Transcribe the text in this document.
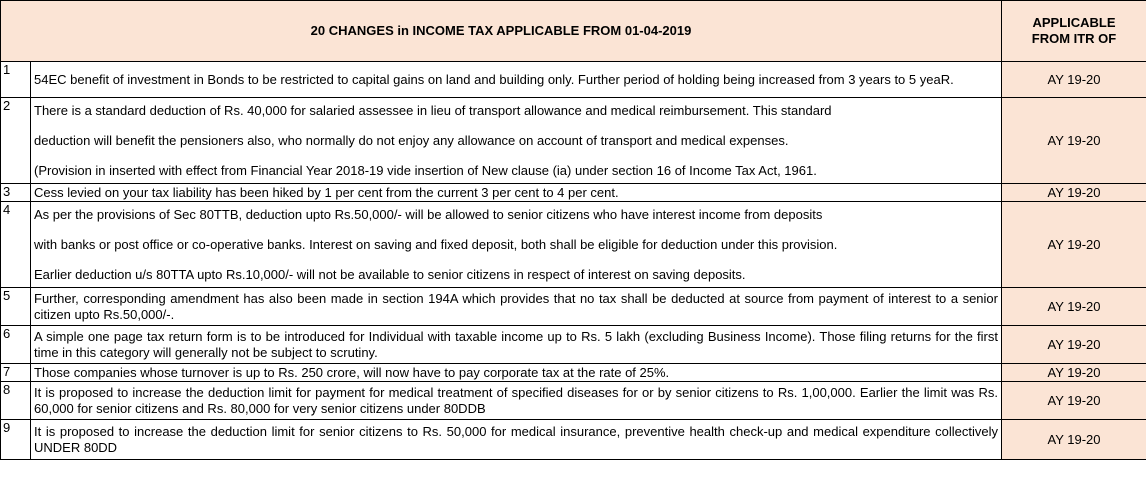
20 CHANGES in INCOME TAX APPLICABLE FROM 01-04-2019		APPLICABLE
FROM ITR OF
1	54EC benefit of investment in Bonds to be restricted to capital gains on land and building only. Further period of holding being increased from 3 years to 5 yeaR.	AY 19-20
2	There is a standard deduction of Rs. 40,000 for salaried assessee in lieu of transport allowance and medical reimbursement. This standard
deduction will benefit the pensioners also, who normally do not enjoy any allowance on account of transport and medical expenses.
(Provision in inserted with effect from Financial Year 2018-19 vide insertion of New clause (ia) under section 16 of Income Tax Act, 1961.	AY 19-20
3	Cess levied on your tax liability has been hiked by 1 per cent from the current 3 per cent to 4 per cent.	AY 19-20
4	As per the provisions of Sec 80TTB, deduction upto Rs.50,000/- will be allowed to senior citizens who have interest income from deposits
with banks or post office or co-operative banks. Interest on saving and fixed deposit, both shall be eligible for deduction under this provision.
Earlier deduction u/s 80TTA upto Rs.10,000/- will not be available to senior citizens in respect of interest on saving deposits.	AY 19-20
5	Further, corresponding amendment has also been made in section 194A which provides that no tax shall be deducted at source from payment of interest to a senior citizen upto Rs.50,000/-.	AY 19-20
6	A simple one page tax return form is to be introduced for Individual with taxable income up to Rs. 5 lakh (excluding Business Income). Those filing returns for the first time in this category will generally not be subject to scrutiny.	AY 19-20
7	Those companies whose turnover is up to Rs. 250 crore, will now have to pay corporate tax at the rate of 25%.	AY 19-20
8	It is proposed to increase the deduction limit for payment for medical treatment of specified diseases for or by senior citizens to Rs. 1,00,000. Earlier the limit was Rs. 60,000 for senior citizens and Rs. 80,000 for very senior citizens under 80DDB	AY 19-20
9	It is proposed to increase the deduction limit for senior citizens to Rs. 50,000 for medical insurance, preventive health check-up and medical expenditure collectively UNDER 80DD	AY 19-20
